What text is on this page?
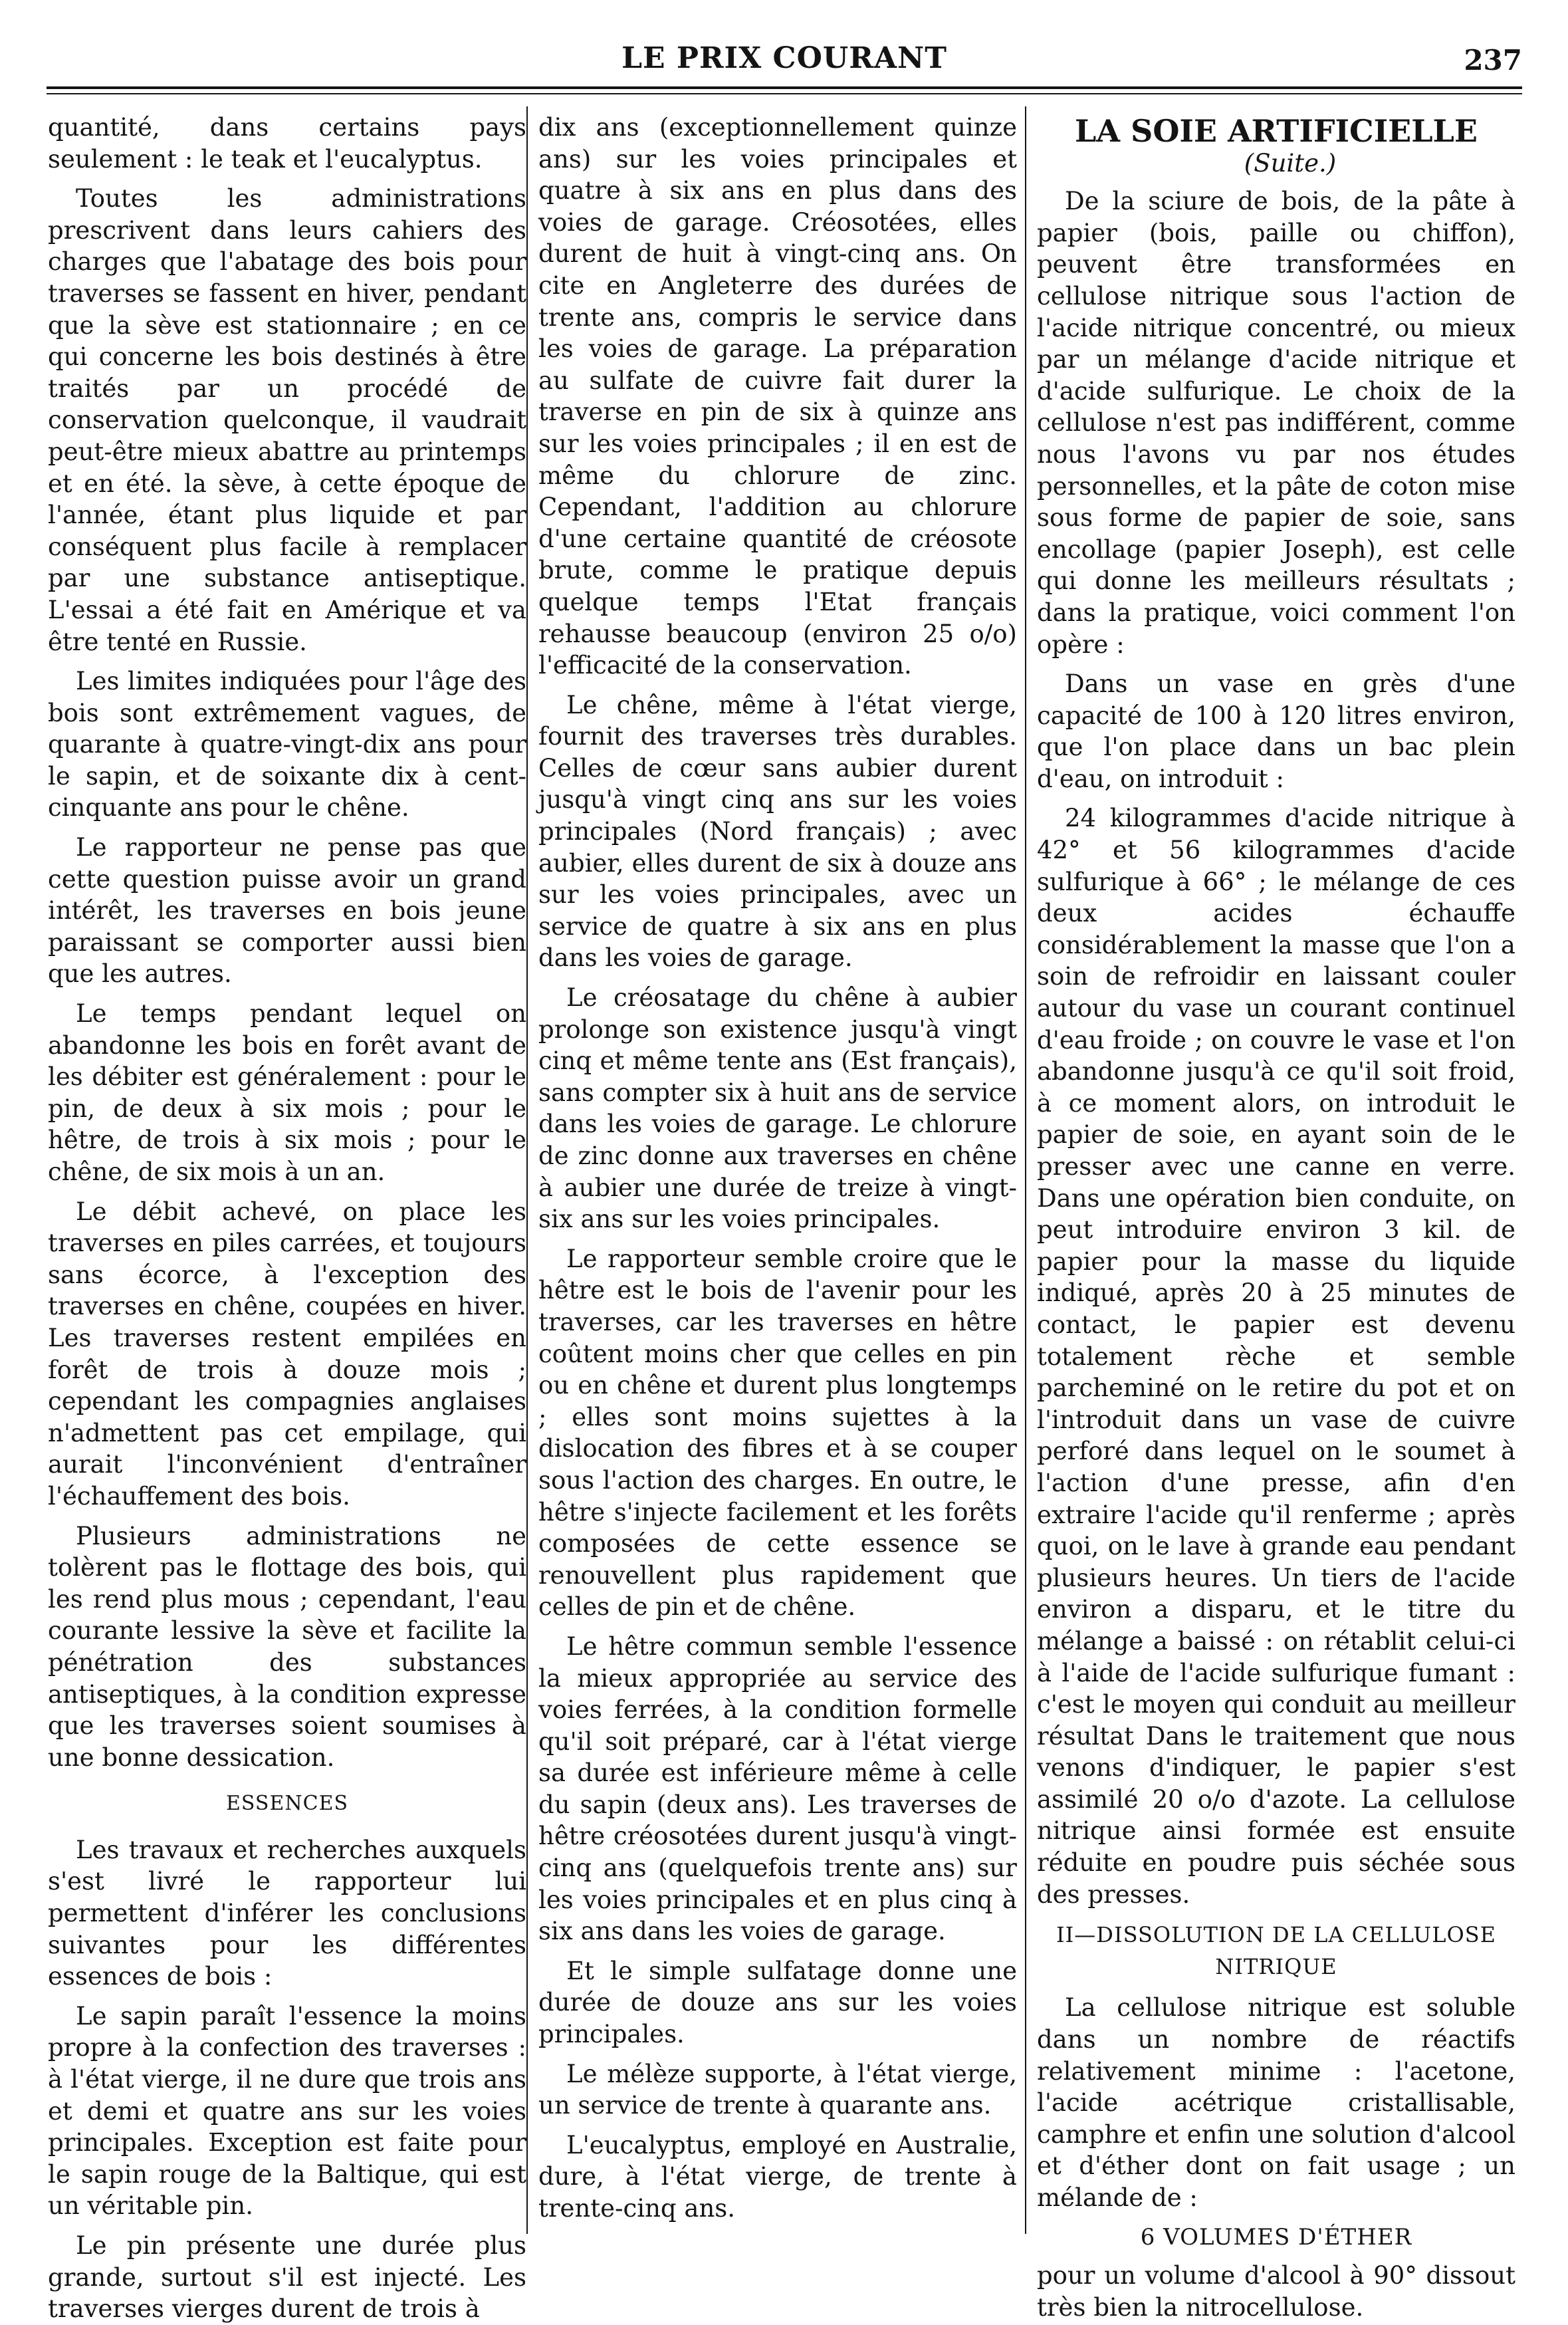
LE PRIX COURANT	237

quantité, dans certains pays seulement : le teak et l'eucalyptus.

Toutes les administrations prescrivent dans leurs cahiers des charges que l'abatage des bois pour traverses se fassent en hiver, pendant que la sève est stationnaire ; en ce qui concerne les bois destinés à être traités par un procédé de conservation quelconque, il vaudrait peut-être mieux abattre au printemps et en été. la sève, à cette époque de l'année, étant plus liquide et par conséquent plus facile à remplacer par une substance antiseptique. L'essai a été fait en Amérique et va être tenté en Russie.

Les limites indiquées pour l'âge des bois sont extrêmement vagues, de quarante à quatre-vingt-dix ans pour le sapin, et de soixante dix à cent-cinquante ans pour le chêne.

Le rapporteur ne pense pas que cette question puisse avoir un grand intérêt, les traverses en bois jeune paraissant se comporter aussi bien que les autres.

Le temps pendant lequel on abandonne les bois en forêt avant de les débiter est généralement : pour le pin, de deux à six mois ; pour le hêtre, de trois à six mois ; pour le chêne, de six mois à un an.

Le débit achevé, on place les traverses en piles carrées, et toujours sans écorce, à l'exception des traverses en chêne, coupées en hiver. Les traverses restent empilées en forêt de trois à douze mois ; cependant les compagnies anglaises n'admettent pas cet empilage, qui aurait l'inconvénient d'entraîner l'échauffement des bois.

Plusieurs administrations ne tolèrent pas le flottage des bois, qui les rend plus mous ; cependant, l'eau courante lessive la sève et facilite la pénétration des substances antiseptiques, à la condition expresse que les traverses soient soumises à une bonne dessication.

ESSENCES

Les travaux et recherches auxquels s'est livré le rapporteur lui permettent d'inférer les conclusions suivantes pour les différentes essences de bois :

Le sapin paraît l'essence la moins propre à la confection des traverses : à l'état vierge, il ne dure que trois ans et demi et quatre ans sur les voies principales. Exception est faite pour le sapin rouge de la Baltique, qui est un véritable pin.

Le pin présente une durée plus grande, surtout s'il est injecté. Les traverses vierges durent de trois à

dix ans (exceptionnellement quinze ans) sur les voies principales et quatre à six ans en plus dans des voies de garage. Créosotées, elles durent de huit à vingt-cinq ans. On cite en Angleterre des durées de trente ans, compris le service dans les voies de garage. La préparation au sulfate de cuivre fait durer la traverse en pin de six à quinze ans sur les voies principales ; il en est de même du chlorure de zinc. Cependant, l'addition au chlorure d'une certaine quantité de créosote brute, comme le pratique depuis quelque temps l'Etat français rehausse beaucoup (environ 25 o/o) l'efficacité de la conservation.

Le chêne, même à l'état vierge, fournit des traverses très durables. Celles de cœur sans aubier durent jusqu'à vingt cinq ans sur les voies principales (Nord français) ; avec aubier, elles durent de six à douze ans sur les voies principales, avec un service de quatre à six ans en plus dans les voies de garage.

Le créosatage du chêne à aubier prolonge son existence jusqu'à vingt cinq et même tente ans (Est français), sans compter six à huit ans de service dans les voies de garage. Le chlorure de zinc donne aux traverses en chêne à aubier une durée de treize à vingt-six ans sur les voies principales.

Le rapporteur semble croire que le hêtre est le bois de l'avenir pour les traverses, car les traverses en hêtre coûtent moins cher que celles en pin ou en chêne et durent plus longtemps ; elles sont moins sujettes à la dislocation des fibres et à se couper sous l'action des charges. En outre, le hêtre s'injecte facilement et les forêts composées de cette essence se renouvellent plus rapidement que celles de pin et de chêne.

Le hêtre commun semble l'essence la mieux appropriée au service des voies ferrées, à la condition formelle qu'il soit préparé, car à l'état vierge sa durée est inférieure même à celle du sapin (deux ans). Les traverses de hêtre créosotées durent jusqu'à vingt-cinq ans (quelquefois trente ans) sur les voies principales et en plus cinq à six ans dans les voies de garage.

Et le simple sulfatage donne une durée de douze ans sur les voies principales.

Le mélèze supporte, à l'état vierge, un service de trente à quarante ans.

L'eucalyptus, employé en Australie, dure, à l'état vierge, de trente à trente-cinq ans.

LA SOIE ARTIFICIELLE

(Suite.)

De la sciure de bois, de la pâte à papier (bois, paille ou chiffon), peuvent être transformées en cellulose nitrique sous l'action de l'acide nitrique concentré, ou mieux par un mélange d'acide nitrique et d'acide sulfurique. Le choix de la cellulose n'est pas indifférent, comme nous l'avons vu par nos études personnelles, et la pâte de coton mise sous forme de papier de soie, sans encollage (papier Joseph), est celle qui donne les meilleurs résultats ; dans la pratique, voici comment l'on opère :

Dans un vase en grès d'une capacité de 100 à 120 litres environ, que l'on place dans un bac plein d'eau, on introduit :

24 kilogrammes d'acide nitrique à 42° et 56 kilogrammes d'acide sulfurique à 66° ; le mélange de ces deux acides échauffe considérablement la masse que l'on a soin de refroidir en laissant couler autour du vase un courant continuel d'eau froide ; on couvre le vase et l'on abandonne jusqu'à ce qu'il soit froid, à ce moment alors, on introduit le papier de soie, en ayant soin de le presser avec une canne en verre. Dans une opération bien conduite, on peut introduire environ 3 kil. de papier pour la masse du liquide indiqué, après 20 à 25 minutes de contact, le papier est devenu totalement rèche et semble parcheminé on le retire du pot et on l'introduit dans un vase de cuivre perforé dans lequel on le soumet à l'action d'une presse, afin d'en extraire l'acide qu'il renferme ; après quoi, on le lave à grande eau pendant plusieurs heures. Un tiers de l'acide environ a disparu, et le titre du mélange a baissé : on rétablit celui-ci à l'aide de l'acide sulfurique fumant : c'est le moyen qui conduit au meilleur résultat Dans le traitement que nous venons d'indiquer, le papier s'est assimilé 20 o/o d'azote. La cellulose nitrique ainsi formée est ensuite réduite en poudre puis séchée sous des presses.

II—DISSOLUTION DE LA CELLULOSE NITRIQUE

La cellulose nitrique est soluble dans un nombre de réactifs relativement minime : l'acetone, l'acide acétrique cristallisable, camphre et enfin une solution d'alcool et d'éther dont on fait usage ; un mélande de :

6 VOLUMES D'ÉTHER

pour un volume d'alcool à 90° dissout très bien la nitrocellulose.
